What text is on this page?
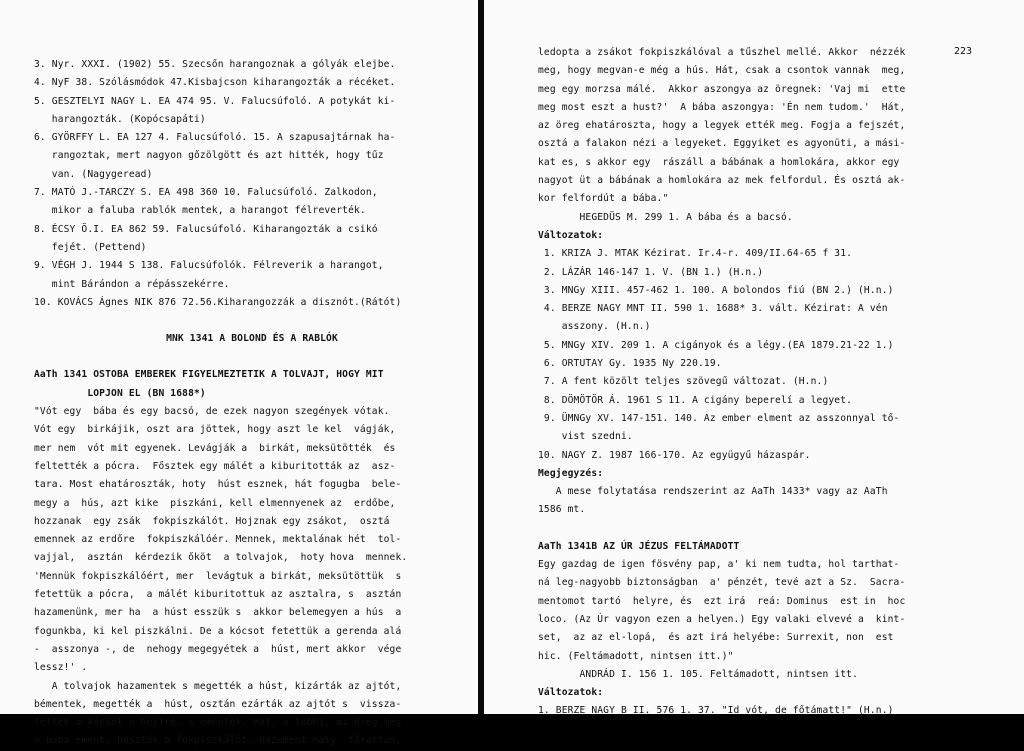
3. Nyr. XXXI. (1902) 55. Szecsőn harangoznak a gólyák elejbe.
4. NyF 38. Szólásmódok 47.Kisbajcson kiharangozták a récéket.
5. GESZTELYI NAGY L. EA 474 95. V. Falucsúfoló. A potykát ki-
harangozták. (Kopócsapáti)
6. GYÖRFFY L. EA 127 4. Falucsúfoló. 15. A szapusajtárnak ha-
rangoztak, mert nagyon gőzölgött és azt hitték, hogy tűz
van. (Nagygeread)
7. MATÓ J.-TARCZY S. EA 498 360 10. Falucsúfoló. Zalkodon,
mikor a faluba rablók mentek, a harangot félreverték.
8. ÉCSY Ö.I. EA 862 59. Falucsúfoló. Kiharangozták a csikó
fejét. (Pettend)
9. VÉGH J. 1944 S 138. Falucsúfolók. Félreverik a harangot,
mint Bárándon a répásszekérre.
10. KOVÁCS Ágnes NIK 876 72.56.Kiharangozzák a disznót.(Rátót)
MNK 1341 A BOLOND ÉS A RABLÓK
AaTh 1341 OSTOBA EMBEREK FIGYELMEZTETIK A TOLVAJT, HOGY MIT
LOPJON EL (BN 1688*)
"Vót egy  bába és egy bacsó, de ezek nagyon szegények vótak.
Vót egy  birkájik, oszt ara jöttek, hogy aszt le kel  vágják,
mer nem  vót mit egyenek. Levágják a  birkát, meksütötték  és
feltették a pócra.  Fősztek egy málét a kiburitották az  asz-
tara. Most ehatároszták, hoty  húst esznek, hát fogugba  bele-
megy a  hús, azt kike  piszkáni, kell elmennyenek az  erdőbe,
hozzanak  egy zsák  fokpiszkálót. Hojznak egy zsákot,  osztá
emennek az erdőre  fokpiszkálóér. Mennek, mektalának hét  tol-
vajjal,  asztán  kérdezik őköt  a tolvajok,  hoty hova  mennek.
'Mennük fokpiszkálóért, mer  levágtuk a birkát, meksütöttük  s
fetettük a pócra,  a málét kiburitottuk az asztalra, s  asztán
hazamenünk, mer ha  a húst esszük s  akkor belemegyen a hús  a
fogunkba, ki kel piszkálni. De a kócsot fetettük a gerenda alá
-  asszonya -, de  nehogy megegyétek a  húst, mert akkor  vége
lessz!' .
A tolvajok hazamentek s megették a húst, kizárták az ajtót,
bémentek, megették a  húst, osztán ezárták az ajtót s  vissza-
tették a kócsot a hejire, s ementek. Hát, a többi, az öreg meg
a bába ement, hoszták a fokpiszkálót. Hazament naty  fárattan,
223
ledopta a zsákot fokpiszkálóval a tűszhel mellé. Akkor  nézzék
meg, hogy megvan-e még a hús. Hát, csak a csontok vannak  meg,
meg egy morzsa málé.  Akkor aszongya az öregnek: 'Vaj mi  ette
meg most eszt a hust?'  A bába aszongya: 'Én nem tudom.'  Hát,
az öreg ehatároszta, hogy a legyek etté̈k meg. Fogja a fejszét,
osztá a falakon nézi a legyeket. Eggyiket es agyonüti, a mási-
kat es, s akkor egy  rászáll a bábának a homlokára, akkor egy
nagyot üt a bábának a homlokára az mek felfordul. És osztá ak-
kor felfordút a bába."
HEGEDÜS M. 299 1. A bába és a bacsó.
Változatok:
1. KRIZA J. MTAK Kézirat. Ir.4-r. 409/II.64-65 f 31.
2. LÁZÁR 146-147 1. V. (BN 1.) (H.n.)
3. MNGy XIII. 457-462 1. 100. A bolondos fiú (BN 2.) (H.n.)
4. BERZE NAGY MNT II. 590 1. 1688* 3. vált. Kézirat: A vén
asszony. (H.n.)
5. MNGy XIV. 209 1. A cigányok és a légy.(EA 1879.21-22 1.)
6. ORTUTAY Gy. 1935 Ny 220.19.
7. A fent közölt teljes szövegű változat. (H.n.)
8. DÖMÖTÖR Á. 1961 S 11. A cigány beperelí a legyet.
9. ÜMNGy XV. 147-151. 140. Az ember elment az asszonnyal tő-
vist szedni.
10. NAGY Z. 1987 166-170. Az együgyű házaspár.
Megjegyzés:
A mese folytatása rendszerint az AaTh 1433* vagy az AaTh
1586 mt.
AaTh 1341B AZ ÚR JÉZUS FELTÁMADOTT
Egy gazdag de igen fösvény pap, a' ki nem tudta, hol tarthat-
ná leg-nagyobb biztonságban  a' pénzét, tevé azt a Sz.  Sacra-
mentomot tartó  helyre, és  ezt irá  reá: Dominus  est in  hoc
loco. (Az Úr vagyon ezen a helyen.) Egy valaki elvevé a  kint-
set,  az az el-lopá,  és azt irá helyébe: Surrexit, non  est
hic. (Feltámadott, nintsen itt.)"
ANDRÁD I. 156 1. 105. Feltámadott, nintsen itt.
Változatok:
1. BERZE NAGY B II. 576 1. 37. "Id vót, de főtámatt!" (H.n.)
